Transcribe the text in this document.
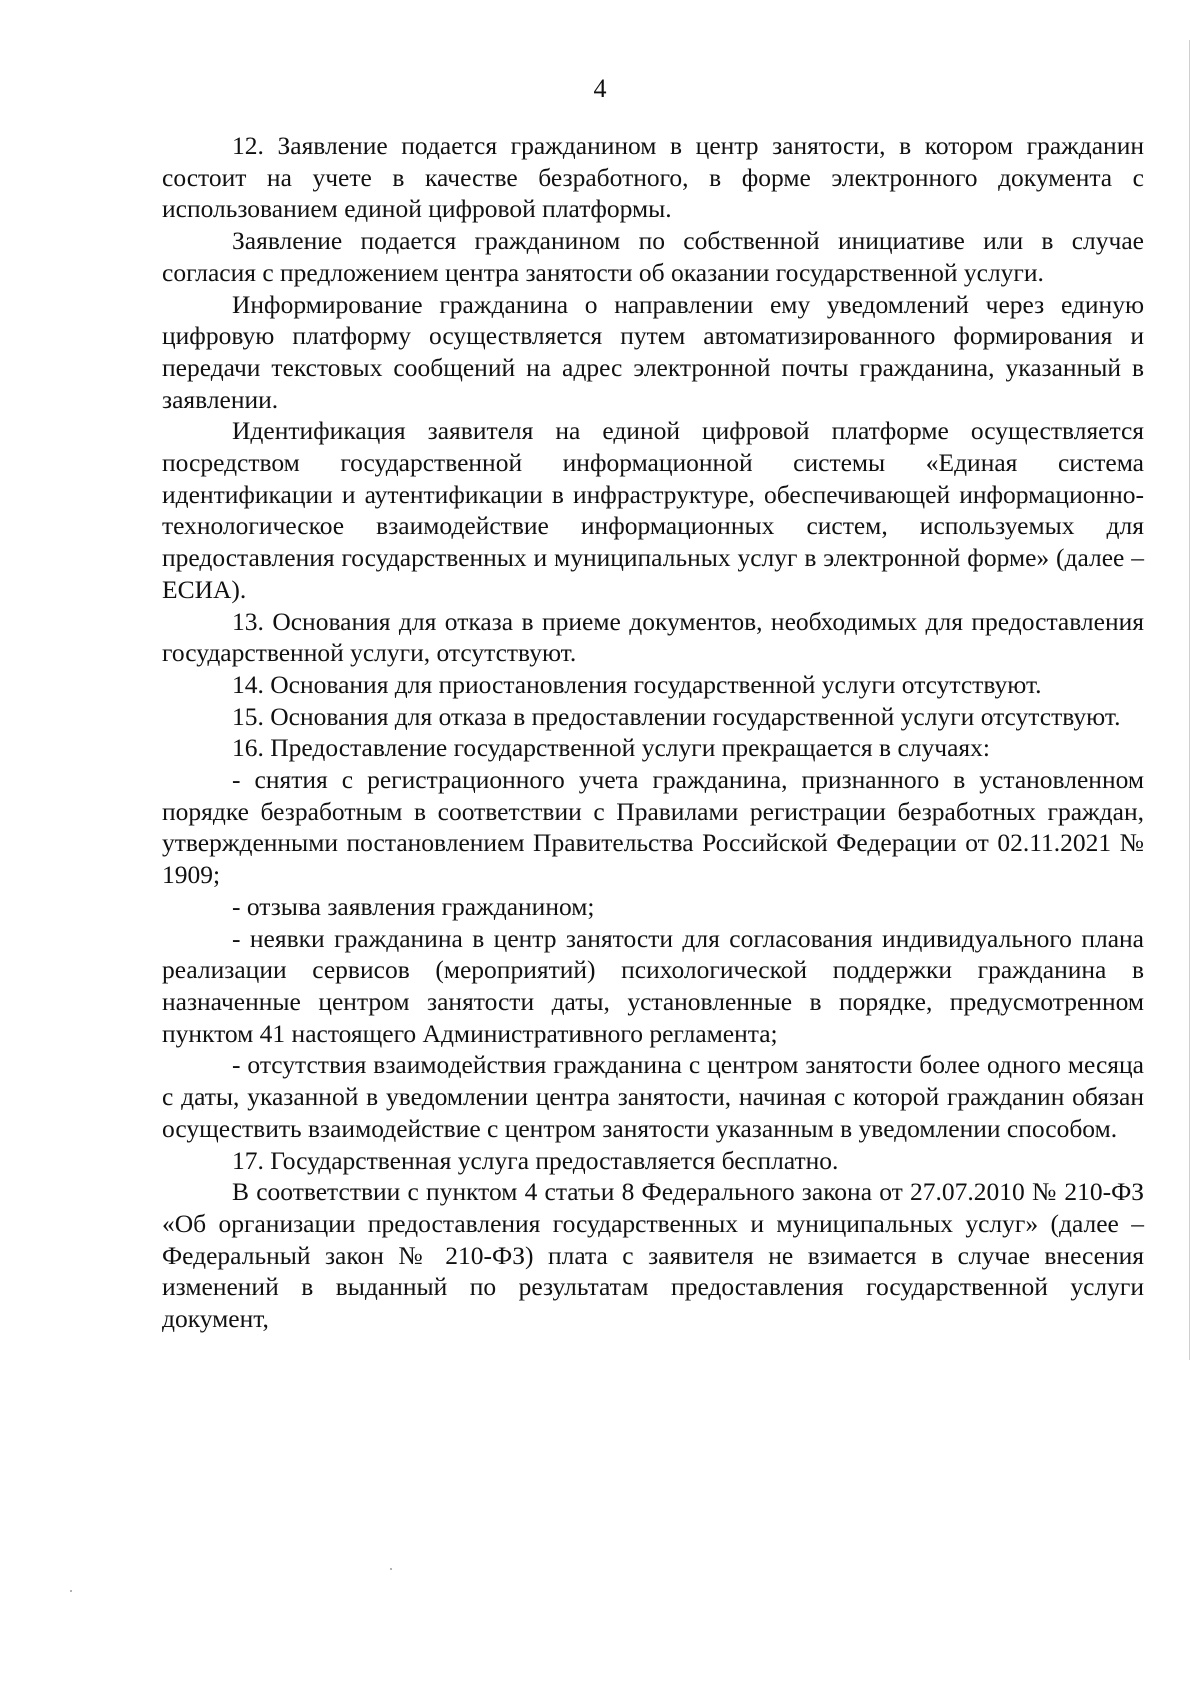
4

12. Заявление подается гражданином в центр занятости, в котором гражданин состоит на учете в качестве безработного, в форме электронного документа с использованием единой цифровой платформы.

Заявление подается гражданином по собственной инициативе или в случае согласия с предложением центра занятости об оказании государственной услуги.

Информирование гражданина о направлении ему уведомлений через единую цифровую платформу осуществляется путем автоматизированного формирования и передачи текстовых сообщений на адрес электронной почты гражданина, указанный в заявлении.

Идентификация заявителя на единой цифровой платформе осуществляется посредством государственной информационной системы «Единая система идентификации и аутентификации в инфраструктуре, обеспечивающей информационно-технологическое взаимодействие информационных систем, используемых для предоставления государственных и муниципальных услуг в электронной форме» (далее – ЕСИА).

13. Основания для отказа в приеме документов, необходимых для предоставления государственной услуги, отсутствуют.

14. Основания для приостановления государственной услуги отсутствуют.

15. Основания для отказа в предоставлении государственной услуги отсутствуют.

16. Предоставление государственной услуги прекращается в случаях:

- снятия с регистрационного учета гражданина, признанного в установленном порядке безработным в соответствии с Правилами регистрации безработных граждан, утвержденными постановлением Правительства Российской Федерации от 02.11.2021 № 1909;

- отзыва заявления гражданином;

- неявки гражданина в центр занятости для согласования индивидуального плана реализации сервисов (мероприятий) психологической поддержки гражданина в назначенные центром занятости даты, установленные в порядке, предусмотренном пунктом 41 настоящего Административного регламента;

- отсутствия взаимодействия гражданина с центром занятости более одного месяца с даты, указанной в уведомлении центра занятости, начиная с которой гражданин обязан осуществить взаимодействие с центром занятости указанным в уведомлении способом.

17. Государственная услуга предоставляется бесплатно.

В соответствии с пунктом 4 статьи 8 Федерального закона от 27.07.2010 № 210-ФЗ «Об организации предоставления государственных и муниципальных услуг» (далее – Федеральный закон № 210-ФЗ) плата с заявителя не взимается в случае внесения изменений в выданный по результатам предоставления государственной услуги документ,
